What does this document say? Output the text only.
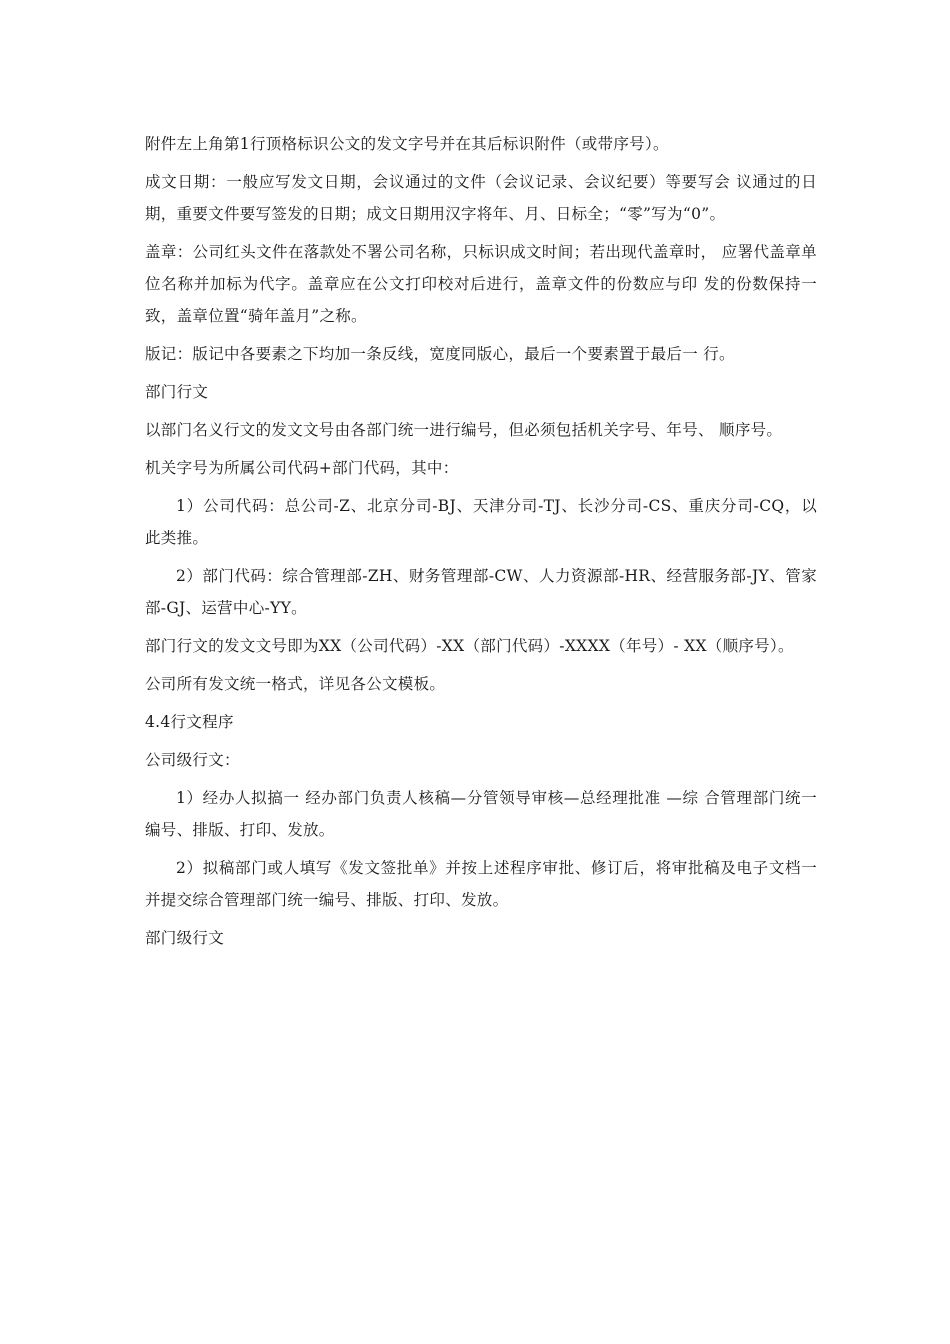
附件左上角第1行顶格标识公文的发文字号并在其后标识附件（或带序号）。

成文日期：一般应写发文日期，会议通过的文件（会议记录、会议纪要）等要写会 议通过的日期，重要文件要写签发的日期；成文日期用汉字将年、月、日标全；“零”写为“0”。

盖章：公司红头文件在落款处不署公司名称，只标识成文时间；若出现代盖章时， 应署代盖章单位名称并加标为代字。盖章应在公文打印校对后进行，盖章文件的份数应与印 发的份数保持一致，盖章位置“骑年盖月”之称。

版记：版记中各要素之下均加一条反线，宽度同版心，最后一个要素置于最后一 行。

部门行文

以部门名义行文的发文文号由各部门统一进行编号，但必须包括机关字号、年号、 顺序号。

机关字号为所属公司代码+部门代码，其中：

1）公司代码：总公司-Z、北京分司-BJ、天津分司-TJ、长沙分司-CS、重庆分司-CQ，以 此类推。

2）部门代码：综合管理部-ZH、财务管理部-CW、人力资源部-HR、经营服务部-JY、管家 部-GJ、运营中心-YY。

部门行文的发文文号即为XX（公司代码）-XX（部门代码）-XXXX（年号）- XX（顺序号）。

公司所有发文统一格式，详见各公文模板。

4.4行文程序

公司级行文：

1）经办人拟搞一 经办部门负责人核稿—分管领导审核—总经理批准 —综 合管理部门统一编号、排版、打印、发放。

2）拟稿部门或人填写《发文签批单》并按上述程序审批、修订后，将审批稿及电子文档一并提交综合管理部门统一编号、排版、打印、发放。

部门级行文
